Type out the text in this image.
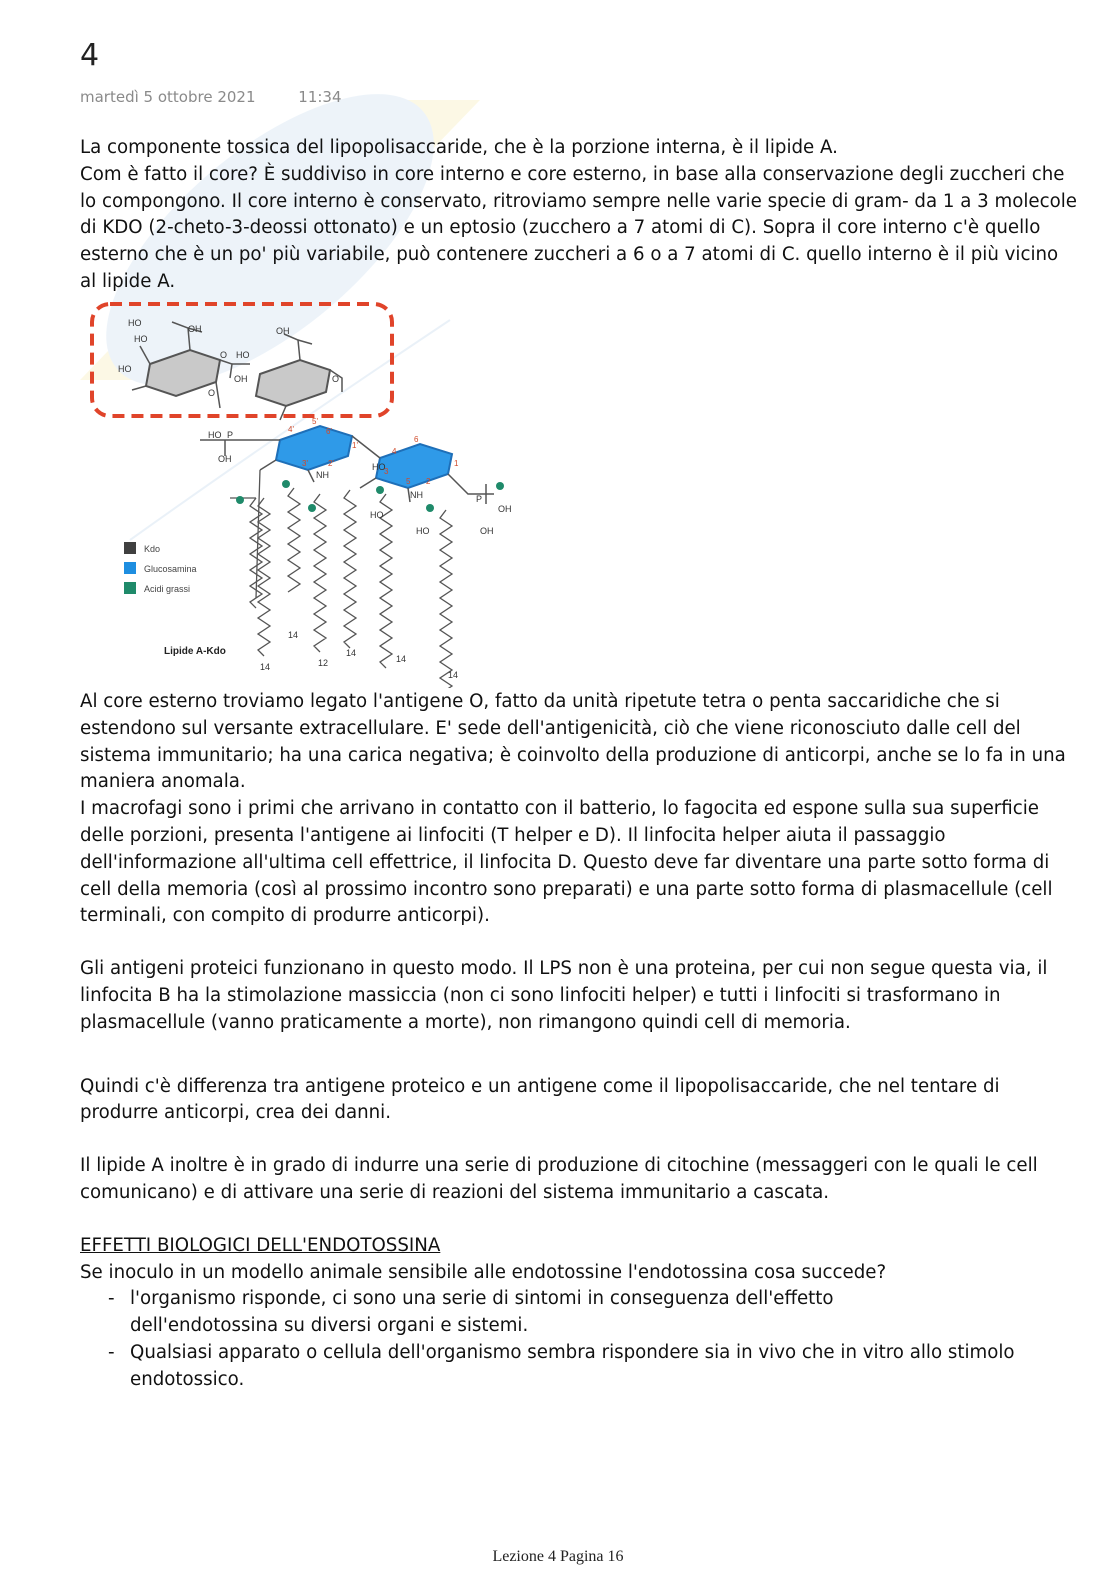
4
martedì 5 ottobre 2021	11:34

La componente tossica del lipopolisaccaride, che è la porzione interna, è il lipide A.

Com è fatto il core? È suddiviso in core interno e core esterno, in base alla conservazione degli zuccheri che lo compongono. Il core interno è conservato, ritroviamo sempre nelle varie specie di gram- da 1 a 3 molecole di KDO (2-cheto-3-deossi ottonato) e un eptosio (zucchero a 7 atomi di C). Sopra il core interno c'è quello esterno che è un po' più variabile, può contenere zuccheri a 6 o a 7 atomi di C. quello interno è il più vicino al lipide A.

HO
OH
HO
HO
O HO
OH
OH	O
O
HO P
OH
NH
HO
NH	P
OH
OH
4'
5'
6'
1'
3'	2'
6
4
5
3
2
1
HO
HO
14
14
12
14
14
14
Kdo
Glucosamina
Acidi grassi
Lipide A-Kdo

Al core esterno troviamo legato l'antigene O, fatto da unità ripetute tetra o penta saccaridiche che si estendono sul versante extracellulare. E' sede dell'antigenicità, ciò che viene riconosciuto dalle cell del sistema immunitario; ha una carica negativa; è coinvolto della produzione di anticorpi, anche se lo fa in una maniera anomala.

I macrofagi sono i primi che arrivano in contatto con il batterio, lo fagocita ed espone sulla sua superficie delle porzioni, presenta l'antigene ai linfociti (T helper e D). Il linfocita helper aiuta il passaggio dell'informazione all'ultima cell effettrice, il linfocita D. Questo deve far diventare una parte sotto forma di cell della memoria (così al prossimo incontro sono preparati) e una parte sotto forma di plasmacellule (cell terminali, con compito di produrre anticorpi).

Gli antigeni proteici funzionano in questo modo. Il LPS non è una proteina, per cui non segue questa via, il linfocita B ha la stimolazione massiccia (non ci sono linfociti helper) e tutti i linfociti si trasformano in plasmacellule (vanno praticamente a morte), non rimangono quindi cell di memoria.

Quindi c'è differenza tra antigene proteico e un antigene come il lipopolisaccaride, che nel tentare di produrre anticorpi, crea dei danni.

Il lipide A inoltre è in grado di indurre una serie di produzione di citochine (messaggeri con le quali le cell comunicano) e di attivare una serie di reazioni del sistema immunitario a cascata.

EFFETTI BIOLOGICI DELL'ENDOTOSSINA

Se inoculo in un modello animale sensibile alle endotossine l'endotossina cosa succede?

- l'organismo risponde, ci sono una serie di sintomi in conseguenza dell'effetto dell'endotossina su diversi organi e sistemi.
- Qualsiasi apparato o cellula dell'organismo sembra rispondere sia in vivo che in vitro allo stimolo endotossico.
Lezione 4 Pagina 16
